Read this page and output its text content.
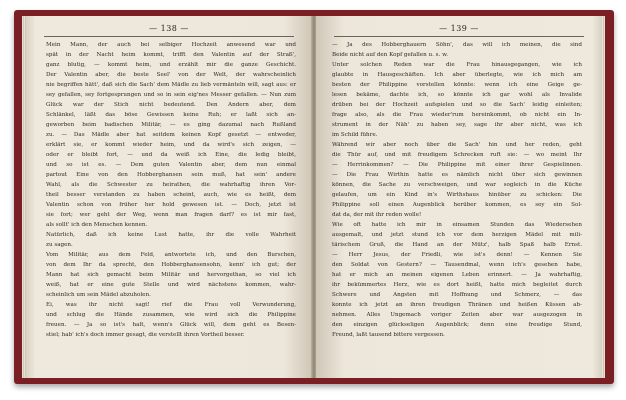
— 138 —
Mein Mann, der auch bei selbiger Hochzeit anwesend war und
spät in der Nacht heim kommt, trifft den Valentin auf der Straß',
ganz blutig, — kommt heim, und erzählt mir die ganze Geschicht.
Der Valentin aber, die beste Seel' von der Welt, der wahrscheinlich
nie begriffen hätt', daß sich die Sach' dem Mädle zu lieb vermänteln will, sagt aus: er
sey gefallen, sey fortgesprungen und so in sein eig'nes Messer gefallen. — Nun zum
Glück war der Stich nicht bedeutend. Den Andern aber, dem
Schlänkel, läßt das böse Gewissen keine Ruh; er laßt sich an-
geworben beim badischen Militär, — es ging dazumal nach Rußland
zu. — Das Mädle aber hat seitdem keinen Kopf gesetzt — entweder,
erklärt sie, er kommt wieder heim, und da wird's sich zeigen, —
oder er bleibt fort, — und da weiß ich Eine, die ledig bleibt,
und so ist es. — Dem guten Valentin aber, dem nun einmal
partout Eine von den Hobberghansen sein muß, hat sein' andere
Wahl, als die Schwester zu heirathen, die wahrhaftig ihren Vor-
theil besser verstanden zu haben scheint, auch, wie es heißt, dem
Valentin schon von früher her hold gewesen ist. — Doch, jetzt ist
sie fort; wer geht der Weg, wenn man fragen darf? es ist mir fast,
als sollt' ich den Menschen kennen.
Natürlich, daß ich keine Lust hatte, ihr die volle Wahrheit
zu sagen.
Vom Militär, aus dem Feld, antwortete ich, und den Burschen,
von dem Ihr da sprecht, den Hobberghansensohn, kenn' ich gut; der
Mann hat sich gemacht beim Militär und hervorgethan, so viel ich
weiß, hat er eine gute Stelle und wird nächstens kommen, wahr-
scheinlich um sein Mädel abzuholen.
Ei, was ihr nicht sagt! rief die Frau voll Verwunderung,
und schlug die Hände zusammen, wie wird sich die Philippine
freuen. — Ja so ist's halt, wenn's Glück will, dem geht es Besen-
stiel; hab' ich's doch immer gesagt, die verstellt ihren Vortheil besser.
— 139 —
— Ja des Hobberghauern Söhn', das will ich meinen, die sind
Beide nicht auf den Kopf gefallen u. s. w.
Unter solchen Reden war die Frau hinausgegangen, wie ich
glaubte in Hausgeschäften. Ich aber überlegte, wie ich mich am
besten der Philippine vorstellen könnte: wenn ich eine Geige ge-
lesen bekäme, dachte ich, so könnte ich gar wohl als Invalide
drüben bei der Hochzeit aufspielen und so die Sach' leidig einleiten;
frage also, als die Frau wieder'rum hereinkommt, ob nicht ein In-
strument in der Näh' zu haben sey, sage ihr aber nicht, was ich
im Schild führe.
Während wir aber noch über die Sach' hin und her reden, geht
die Thür auf, und mit freudigem Schrecken ruft sie: — wo meint Ihr
— Herrinkommen? — Die Philippine mit einer ihrer Gespielinnen.
— Die Frau Wirthin hatte es nämlich nicht über sich gewinnen
können, die Sache zu verschweigen, und war sogleich in die Küche
gelaufen, um ein Kind in's Wirthshaus hinüber zu schicken: Die
Philippine soll einen Augenblick herüber kommen, es sey ein Sol-
dat da, der mit ihr reden wolle!
Wie oft hatte ich mir in einsamen Stunden das Wiedersehen
ausgemalt, und jetzt stund ich vor dem herzigen Mädel mit mili-
tärischem Gruß, die Hand an der Mütz', halb Spaß halb Ernst.
— Herr Jesus, der Friedli, wie ist's denn! — Kennen Sie
den Soldat von Gestern? — Tausendmal, wenn ich's gesehen habe,
hat er mich an meinen eigenen Leben erinnert. — Ja wahrhaftig,
ihr bekümmertes Herz, wie es dort heißt, hatte mich begleitet durch
Schwere und Angsten mit Hoffnung und Schmerz, — das
konnte ich jetzt an ihren freudigen Thränen und heißen Küssen ab-
nehmen. Alles Ungemach voriger Zeiten aber war ausgezogen in
den einzigen glückseligen Augenblick; denn eine freudige Stund,
Freund, laßt tausend bittere vergessen.
